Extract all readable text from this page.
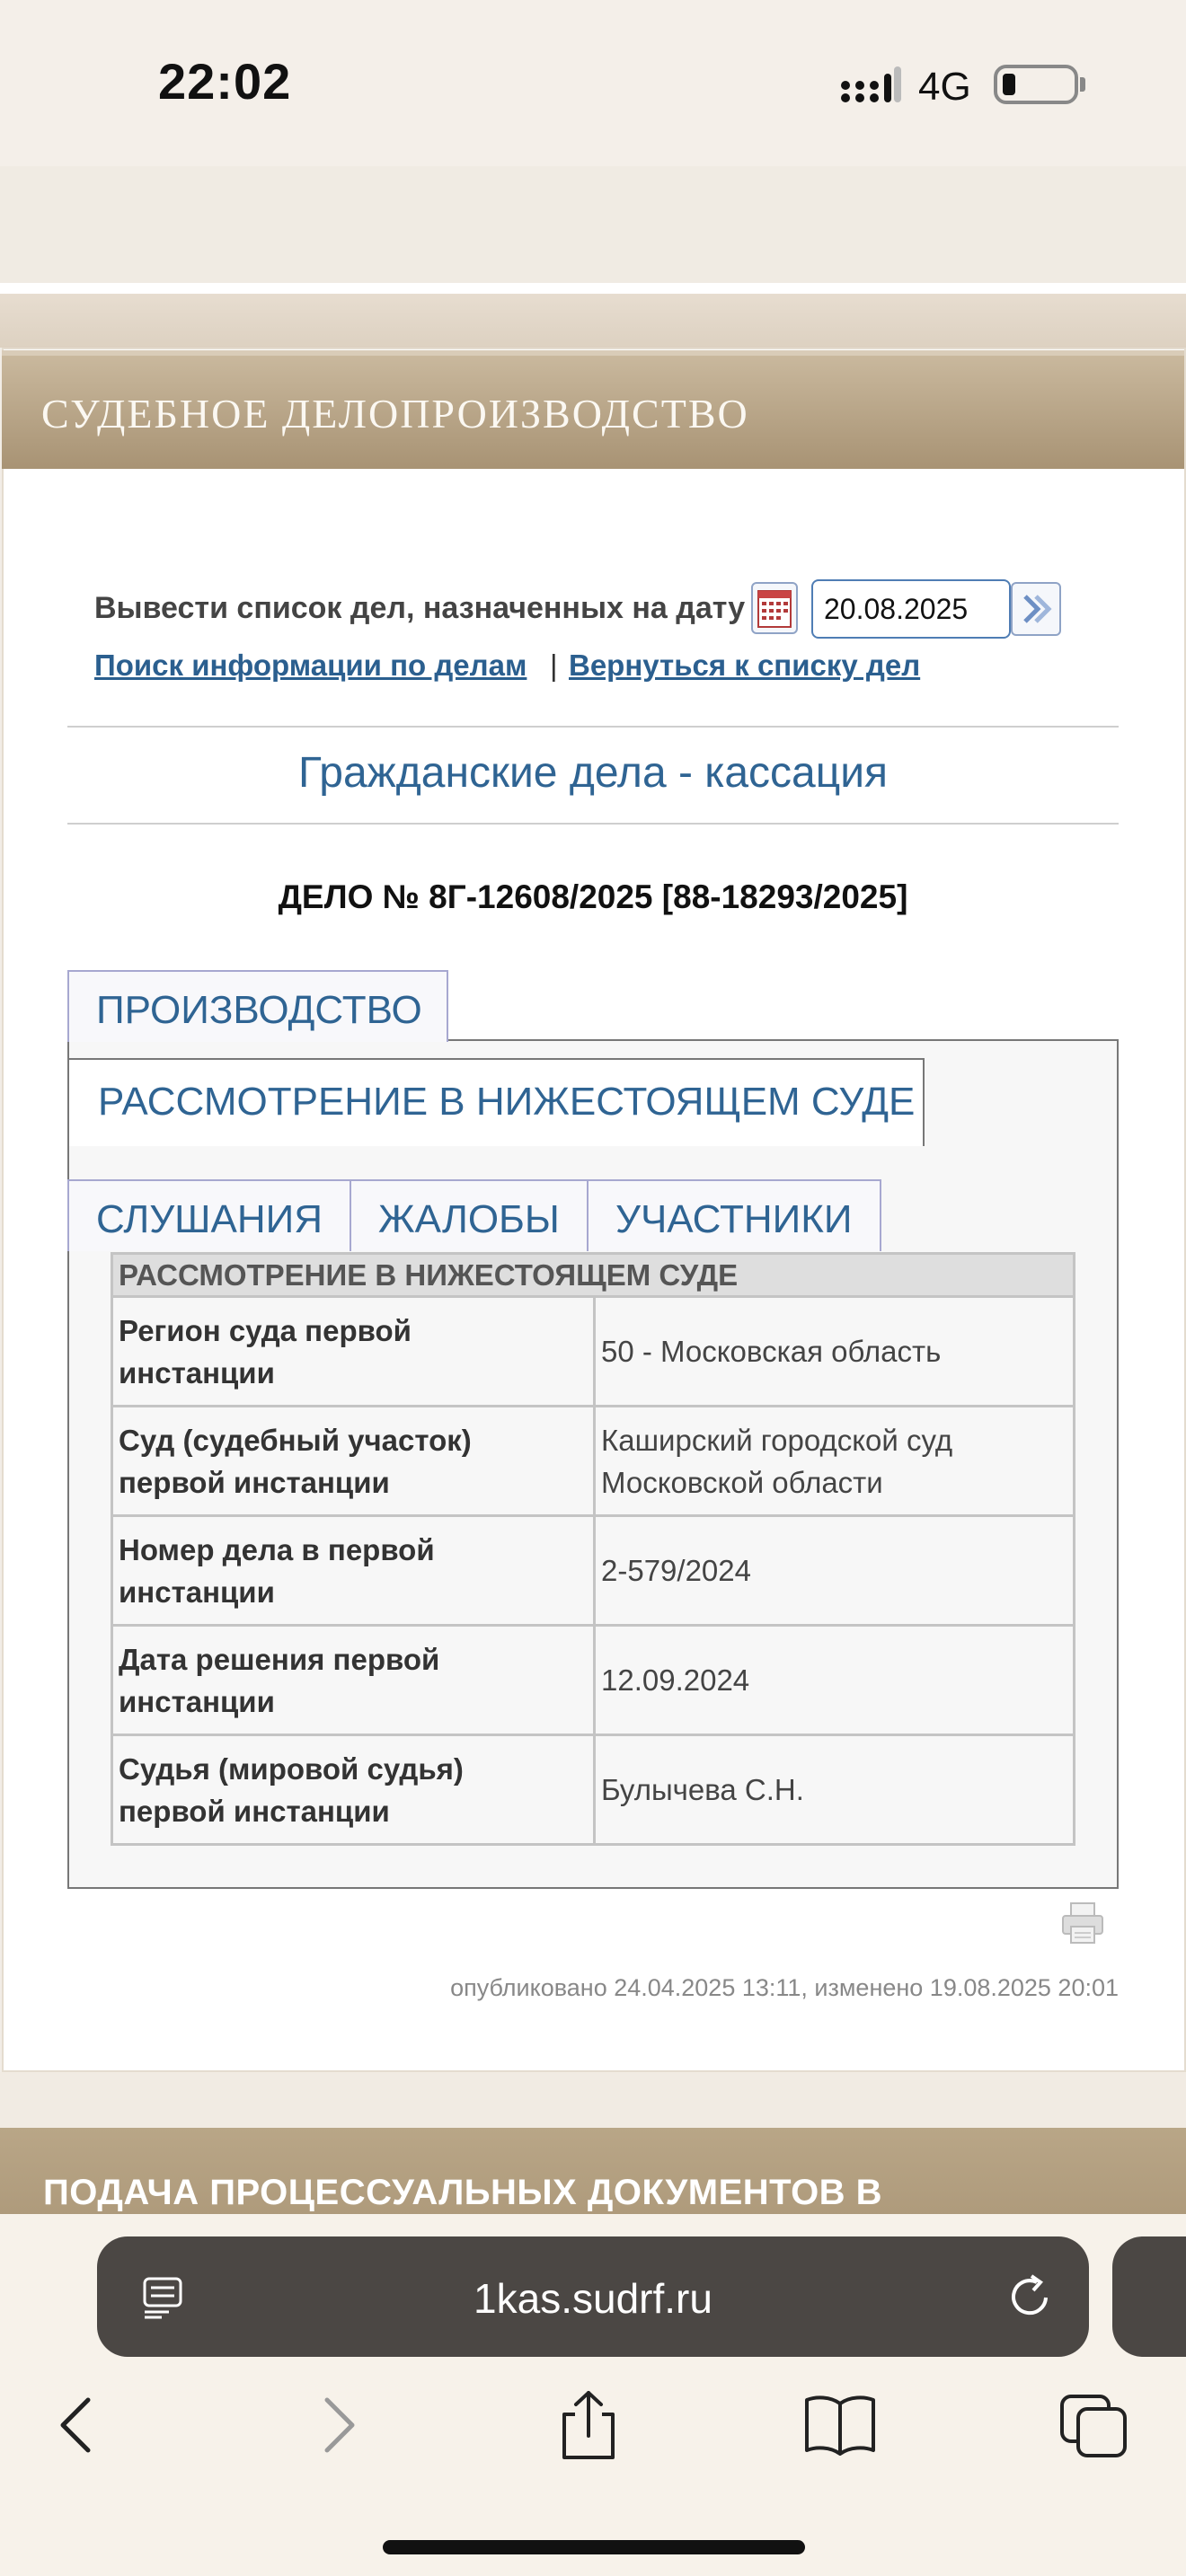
22:02	4G
СУДЕБНОЕ ДЕЛОПРОИЗВОДСТВО
Вывести список дел, назначенных на дату
20.08.2025
Поиск информации по делам | Вернуться к списку дел
Гражданские дела - кассация
ДЕЛО № 8Г-12608/2025 [88-18293/2025]
ПРОИЗВОДСТВО
РАССМОТРЕНИЕ В НИЖЕСТОЯЩЕМ СУДЕ
СЛУШАНИЯ	ЖАЛОБЫ	УЧАСТНИКИ
РАССМОТРЕНИЕ В НИЖЕСТОЯЩЕМ СУДЕ	
Регион суда первой
инстанции	50 - Московская область
Суд (судебный участок)
первой инстанции	Каширский городской суд
Московской области
Номер дела в первой
инстанции	2-579/2024
Дата решения первой
инстанции	12.09.2024
Судья (мировой судья)
первой инстанции	Булычева С.Н.
опубликовано 24.04.2025 13:11, изменено 19.08.2025 20:01
ПОДАЧА ПРОЦЕССУАЛЬНЫХ ДОКУМЕНТОВ В
1kas.sudrf.ru
